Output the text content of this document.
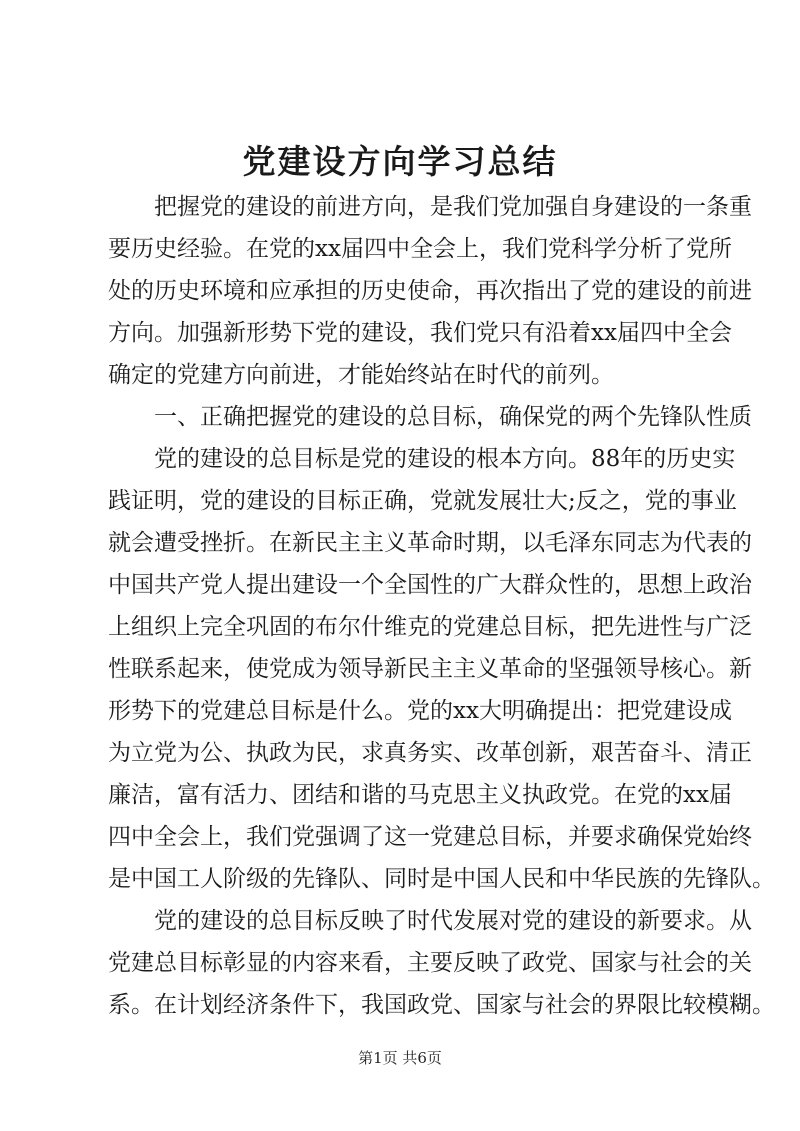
党建设方向学习总结
把握党的建设的前进方向，是我们党加强自身建设的一条重
要历史经验。在党的xx届四中全会上，我们党科学分析了党所
处的历史环境和应承担的历史使命，再次指出了党的建设的前进
方向。加强新形势下党的建设，我们党只有沿着xx届四中全会
确定的党建方向前进，才能始终站在时代的前列。
一、正确把握党的建设的总目标，确保党的两个先锋队性质
党的建设的总目标是党的建设的根本方向。88年的历史实
践证明，党的建设的目标正确，党就发展壮大;反之，党的事业
就会遭受挫折。在新民主主义革命时期，以毛泽东同志为代表的
中国共产党人提出建设一个全国性的广大群众性的，思想上政治
上组织上完全巩固的布尔什维克的党建总目标，把先进性与广泛
性联系起来，使党成为领导新民主主义革命的坚强领导核心。新
形势下的党建总目标是什么。党的xx大明确提出：把党建设成
为立党为公、执政为民，求真务实、改革创新，艰苦奋斗、清正
廉洁，富有活力、团结和谐的马克思主义执政党。在党的xx届
四中全会上，我们党强调了这一党建总目标，并要求确保党始终
是中国工人阶级的先锋队、同时是中国人民和中华民族的先锋队。
党的建设的总目标反映了时代发展对党的建设的新要求。从
党建总目标彰显的内容来看，主要反映了政党、国家与社会的关
系。在计划经济条件下，我国政党、国家与社会的界限比较模糊。
第1页 共6页
